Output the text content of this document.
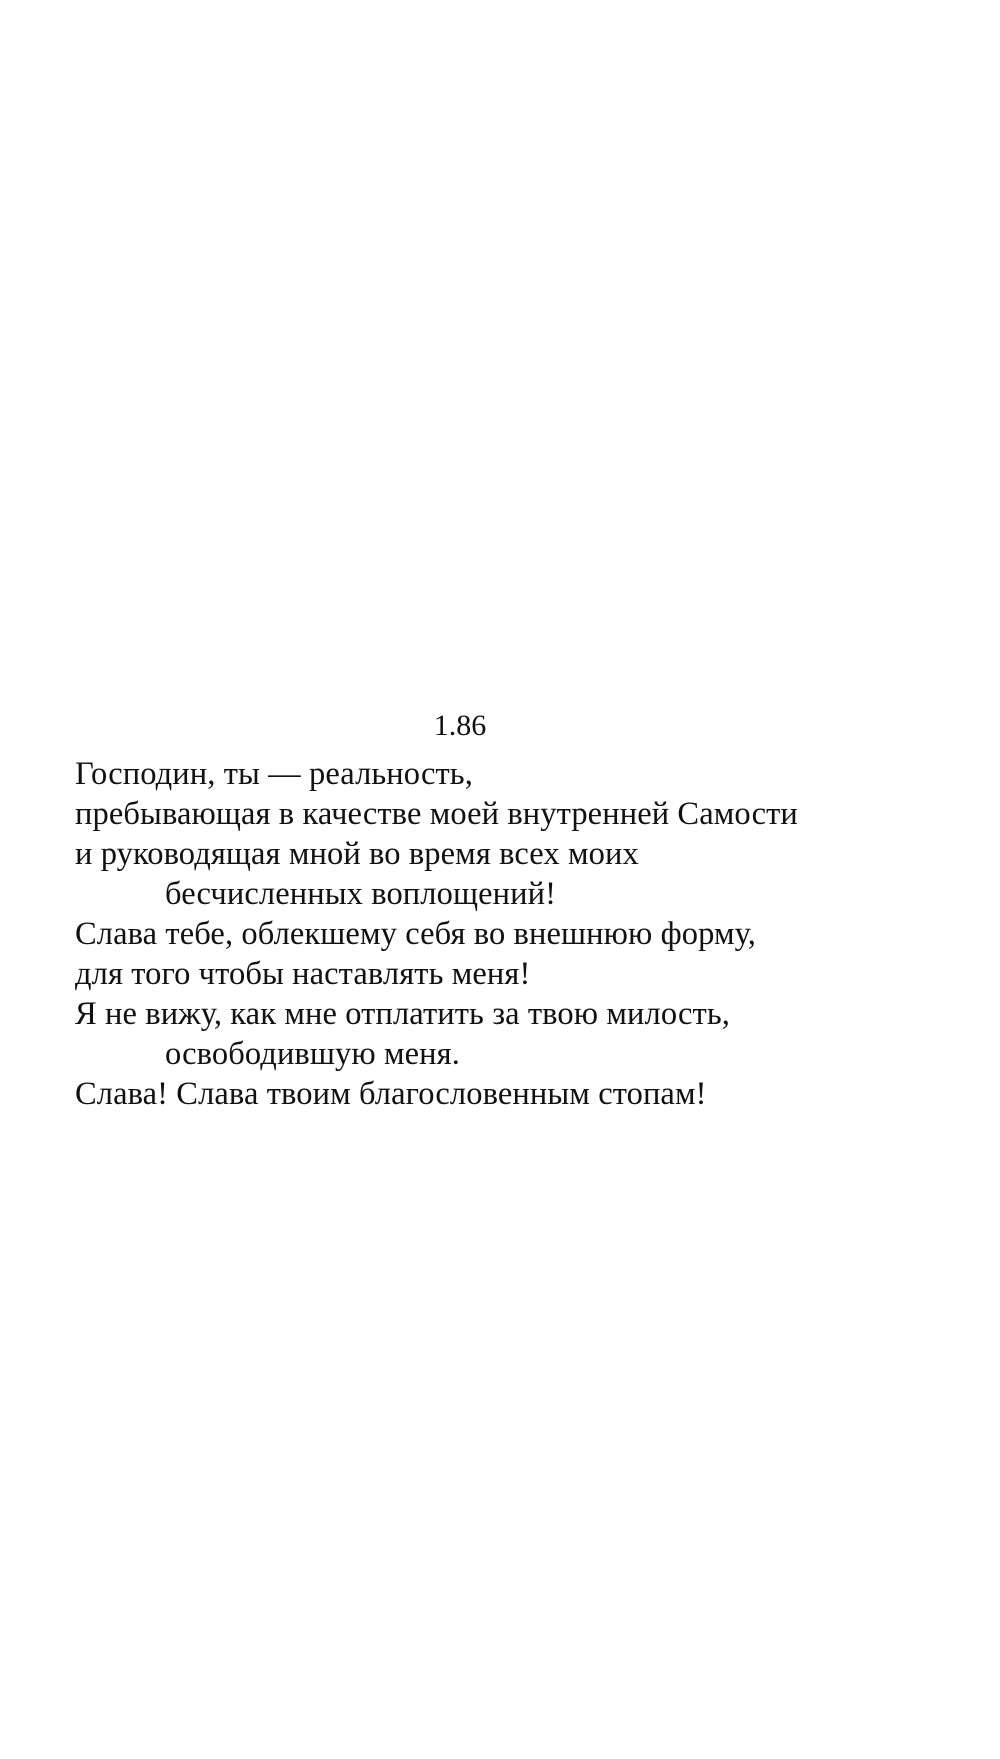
1.86
Господин, ты — реальность,
пребывающая в качестве моей внутренней Самости
и руководящая мной во время всех моих
бесчисленных воплощений!
Слава тебе, облекшему себя во внешнюю форму,
для того чтобы наставлять меня!
Я не вижу, как мне отплатить за твою милость,
освободившую меня.
Слава! Слава твоим благословенным стопам!
